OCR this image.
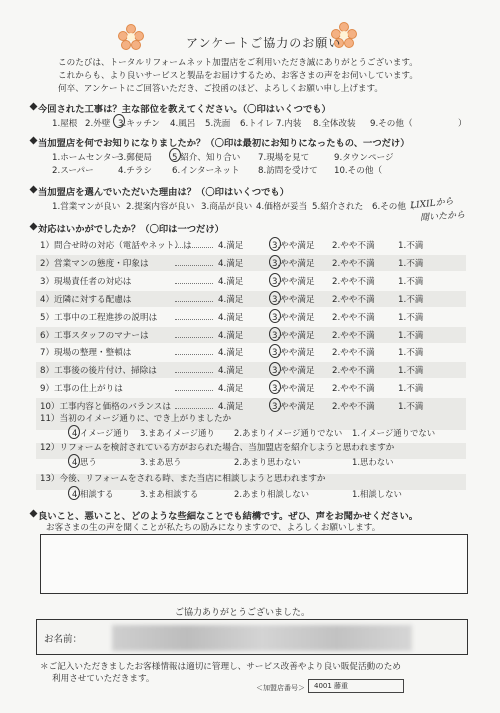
アンケートご協力のお願い
このたびは、トータルリフォームネット加盟店をご利用いただき誠にありがとうございます。
これからも、より良いサービスと製品をお届けするため、お客さまの声をお伺いしています。
何卒、アンケートにご回答いただき、ご投函のほど、よろしくお願い申し上げます。
今回された工事は？主な部位を教えてください。（〇印はいくつでも）
1.屋根 2.外壁 3.キッチン 4.風呂 5.洗面 6.トイレ 7.内装 8.全体改装 9.その他（	）
当加盟店を何でお知りになりましたか？（〇印は最初にお知りになったもの、一つだけ）
1.ホームセンター
3.郵便局 5.紹介、知り合い 7.現場を見て	9.タウンページ
2.スーパー	4.チラシ 6.インターネット 8.訪問を受けて 10.その他（
当加盟店を選んでいただいた理由は？（〇印はいくつでも）
1.営業マンが良い 2.提案内容が良い 3.商品が良い 4.価格が妥当 5.紹介された 6.その他（
LIXILから
聞いたから
対応はいかがでしたか？（〇印は一つだけ）
1）問合せ時の対応（電話やネット）は	4.満足	3.やや満足 2.やや不満	1.不満
2）営業マンの態度・印象は	4.満足	3.やや満足 2.やや不満	1.不満
3）現場責任者の対応は	4.満足	3.やや満足 2.やや不満	1.不満
4）近隣に対する配慮は	4.満足	3.やや満足 2.やや不満	1.不満
5）工事中の工程進捗の説明は	4.満足	3.やや満足 2.やや不満	1.不満
6）工事スタッフのマナーは	4.満足	3.やや満足 2.やや不満	1.不満
7）現場の整理・整頓は	4.満足	3.やや満足 2.やや不満	1.不満
8）工事後の後片付け、掃除は	4.満足	3.やや満足 2.やや不満	1.不満
9）工事の仕上がりは	4.満足	3.やや満足 2.やや不満	1.不満
10）工事内容と価格のバランスは	4.満足	3.やや満足 2.やや不満	1.不満
11）当初のイメージ通りに、でき上がりましたか
4.イメージ通り 3.まあイメージ通り 2.あまりイメージ通りでない 1.イメージ通りでない
12）リフォームを検討されている方がおられた場合、当加盟店を紹介しようと思われますか
4.思う	3.まあ思う	2.あまり思わない	1.思わない
13）今後、リフォームをされる時、また当店に相談しようと思われますか
4.相談する	3.まあ相談する	2.あまり相談しない	1.相談しない
良いこと、悪いこと、どのような些細なことでも結構です。ぜひ、声をお聞かせください。
お客さまの生の声を聞くことが私たちの励みになりますので、よろしくお願いします。
ご協力ありがとうございました。
お名前：
＊ご記入いただきましたお客様情報は適切に管理し、サービス改善やより良い販促活動のため
利用させていただきます。
＜加盟店番号＞ 4001 藤重
